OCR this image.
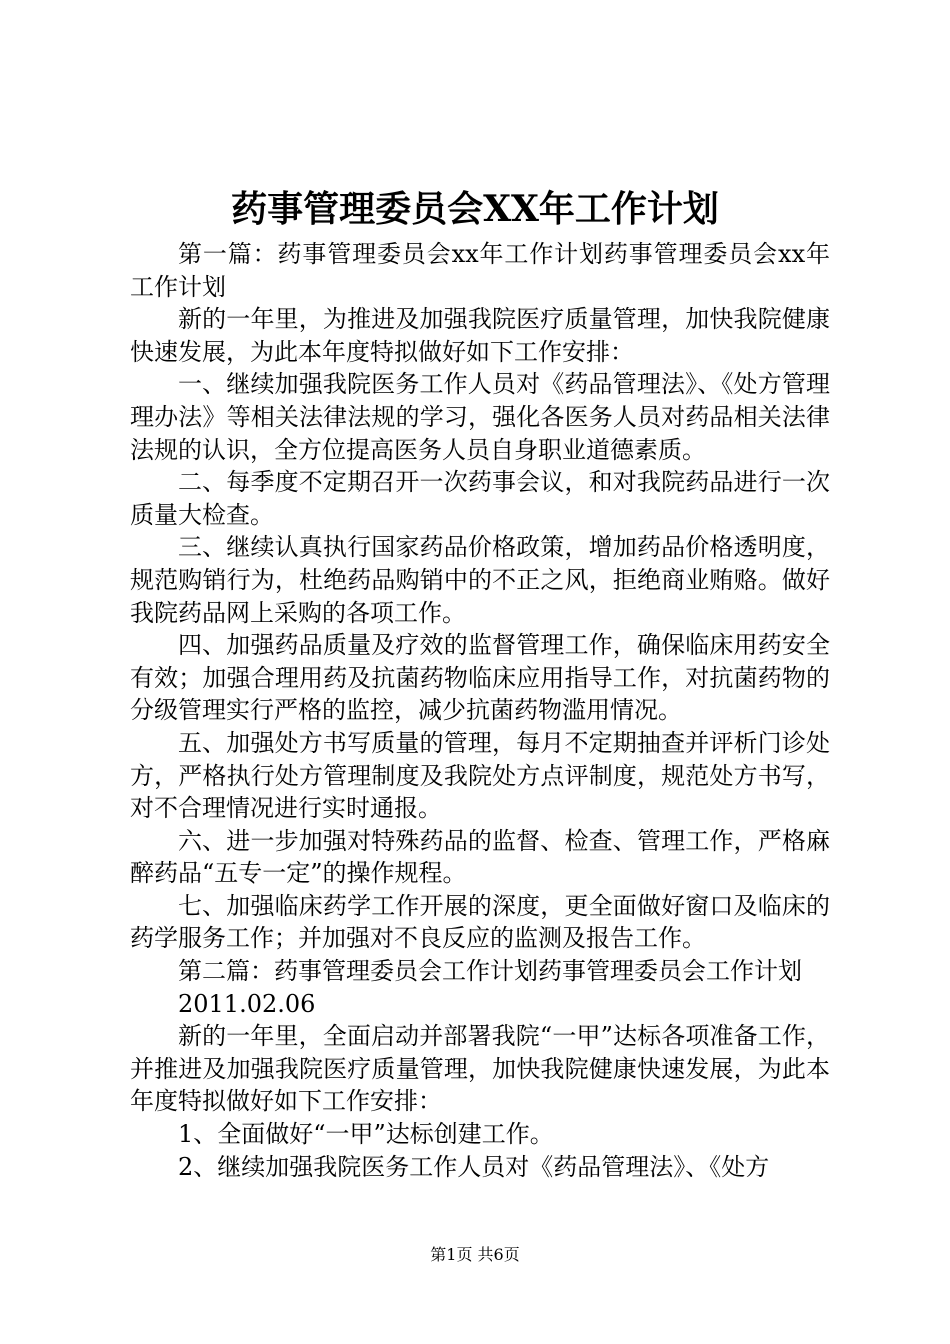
药事管理委员会XX年工作计划

第一篇：药事管理委员会xx年工作计划药事管理委员会xx年工作计划

新的一年里，为推进及加强我院医疗质量管理，加快我院健康快速发展，为此本年度特拟做好如下工作安排：

一、继续加强我院医务工作人员对《药品管理法》、《处方管理理办法》等相关法律法规的学习，强化各医务人员对药品相关法律法规的认识，全方位提高医务人员自身职业道德素质。

二、每季度不定期召开一次药事会议，和对我院药品进行一次质量大检查。

三、继续认真执行国家药品价格政策，增加药品价格透明度，规范购销行为，杜绝药品购销中的不正之风，拒绝商业贿赂。做好我院药品网上采购的各项工作。

四、加强药品质量及疗效的监督管理工作，确保临床用药安全有效；加强合理用药及抗菌药物临床应用指导工作，对抗菌药物的分级管理实行严格的监控，减少抗菌药物滥用情况。

五、加强处方书写质量的管理，每月不定期抽查并评析门诊处方，严格执行处方管理制度及我院处方点评制度，规范处方书写，对不合理情况进行实时通报。

六、进一步加强对特殊药品的监督、检查、管理工作，严格麻醉药品“五专一定”的操作规程。

七、加强临床药学工作开展的深度，更全面做好窗口及临床的药学服务工作；并加强对不良反应的监测及报告工作。

第二篇：药事管理委员会工作计划药事管理委员会工作计划

2011.02.06

新的一年里，全面启动并部署我院“一甲”达标各项准备工作，并推进及加强我院医疗质量管理，加快我院健康快速发展，为此本年度特拟做好如下工作安排：

1、全面做好“一甲”达标创建工作。

2、继续加强我院医务工作人员对《药品管理法》、《处方

第1页 共6页
